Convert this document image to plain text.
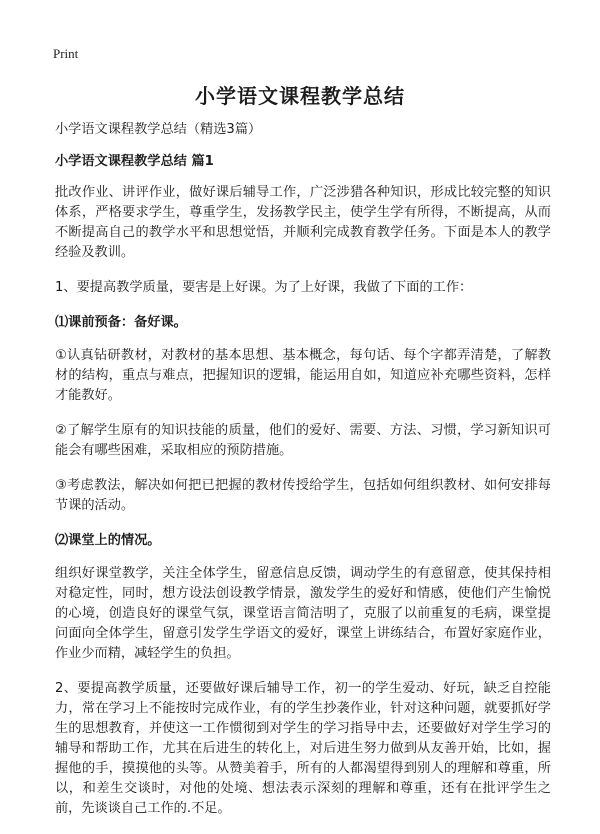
Print
小学语文课程教学总结

小学语文课程教学总结（精选3篇）

小学语文课程教学总结 篇1

批改作业、讲评作业，做好课后辅导工作，广泛涉猎各种知识，形成比较完整的知识体系，严格要求学生，尊重学生，发扬教学民主，使学生学有所得，不断提高，从而不断提高自己的教学水平和思想觉悟，并顺利完成教育教学任务。下面是本人的教学经验及教训。

1、要提高教学质量，要害是上好课。为了上好课，我做了下面的工作：

⑴课前预备：备好课。

①认真钻研教材，对教材的基本思想、基本概念，每句话、每个字都弄清楚，了解教材的结构，重点与难点，把握知识的逻辑，能运用自如，知道应补充哪些资料，怎样才能教好。

②了解学生原有的知识技能的质量，他们的爱好、需要、方法、习惯，学习新知识可能会有哪些困难，采取相应的预防措施。

③考虑教法，解决如何把已把握的教材传授给学生，包括如何组织教材、如何安排每节课的活动。

⑵课堂上的情况。

组织好课堂教学，关注全体学生，留意信息反馈，调动学生的有意留意，使其保持相对稳定性，同时，想方设法创设教学情景，激发学生的爱好和情感，使他们产生愉悦的心境，创造良好的课堂气氛，课堂语言简洁明了，克服了以前重复的毛病，课堂提问面向全体学生，留意引发学生学语文的爱好，课堂上讲练结合，布置好家庭作业，作业少而精，减轻学生的负担。

2、要提高教学质量，还要做好课后辅导工作，初一的学生爱动、好玩，缺乏自控能力，常在学习上不能按时完成作业，有的学生抄袭作业，针对这种问题，就要抓好学生的思想教育，并使这一工作惯彻到对学生的学习指导中去，还要做好对学生学习的辅导和帮助工作，尤其在后进生的转化上，对后进生努力做到从友善开始，比如，握握他的手，摸摸他的头等。从赞美着手，所有的人都渴望得到别人的理解和尊重，所以，和差生交谈时，对他的处境、想法表示深刻的理解和尊重，还有在批评学生之前，先谈谈自己工作的.不足。
